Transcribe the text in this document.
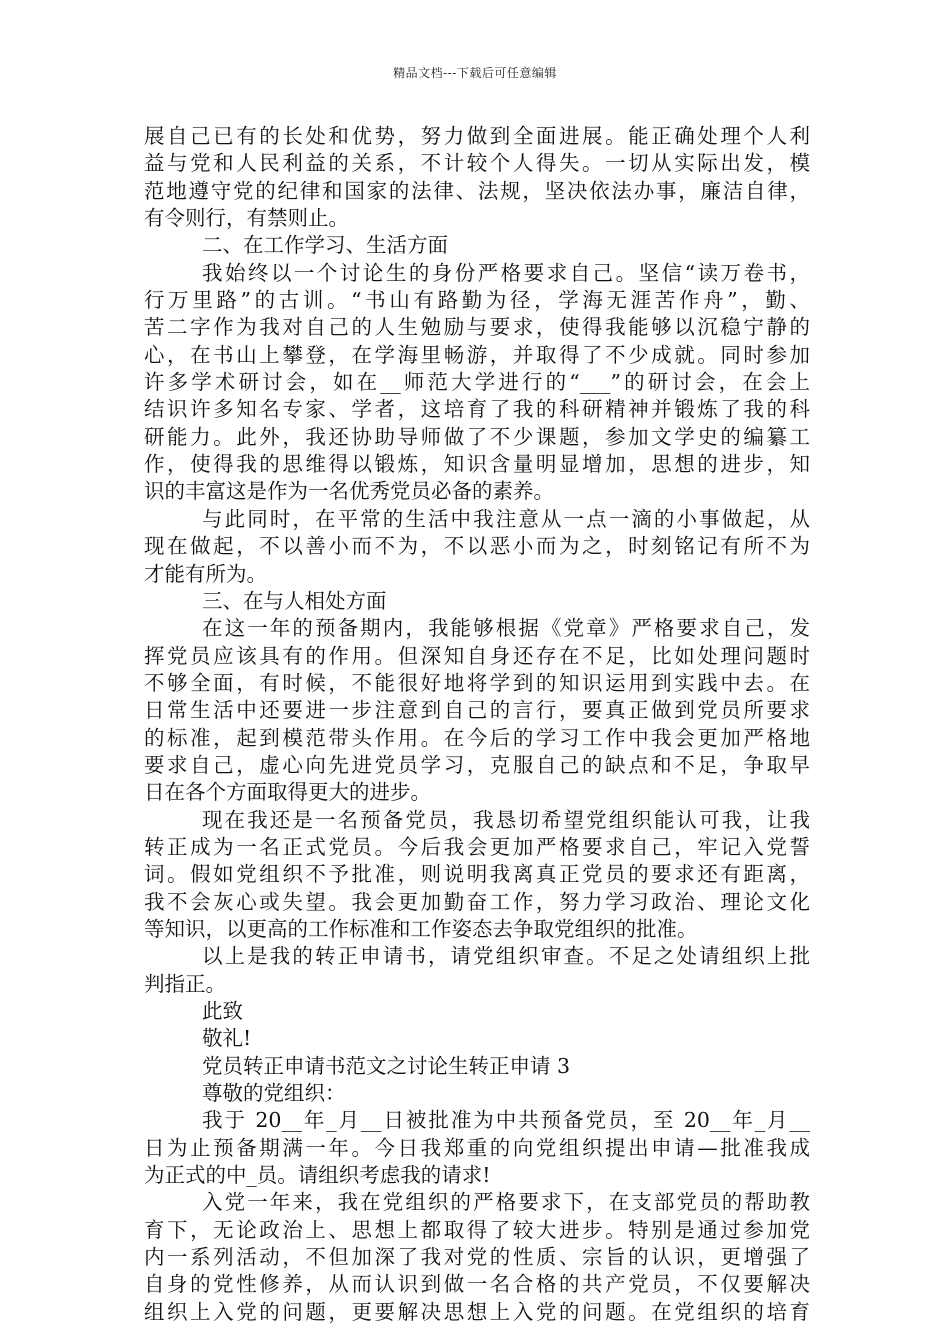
精品文档---下载后可任意编辑
展自己已有的长处和优势，努力做到全面进展。能正确处理个人利
益与党和人民利益的关系，不计较个人得失。一切从实际出发，模
范地遵守党的纪律和国家的法律、法规，坚决依法办事，廉洁自律，
有令则行，有禁则止。
二、在工作学习、生活方面
我始终以一个讨论生的身份严格要求自己。坚信“读万卷书，
行万里路”的古训。“书山有路勤为径，学海无涯苦作舟”，勤、
苦二字作为我对自己的人生勉励与要求，使得我能够以沉稳宁静的
心，在书山上攀登，在学海里畅游，并取得了不少成就。同时参加
许多学术研讨会，如在__师范大学进行的“___”的研讨会，在会上
结识许多知名专家、学者，这培育了我的科研精神并锻炼了我的科
研能力。此外，我还协助导师做了不少课题，参加文学史的编纂工
作，使得我的思维得以锻炼，知识含量明显增加，思想的进步，知
识的丰富这是作为一名优秀党员必备的素养。
与此同时，在平常的生活中我注意从一点一滴的小事做起，从
现在做起，不以善小而不为，不以恶小而为之，时刻铭记有所不为
才能有所为。
三、在与人相处方面
在这一年的预备期内，我能够根据《党章》严格要求自己，发
挥党员应该具有的作用。但深知自身还存在不足，比如处理问题时
不够全面，有时候，不能很好地将学到的知识运用到实践中去。在
日常生活中还要进一步注意到自己的言行，要真正做到党员所要求
的标准，起到模范带头作用。在今后的学习工作中我会更加严格地
要求自己，虚心向先进党员学习，克服自己的缺点和不足，争取早
日在各个方面取得更大的进步。
现在我还是一名预备党员，我恳切希望党组织能认可我，让我
转正成为一名正式党员。今后我会更加严格要求自己，牢记入党誓
词。假如党组织不予批准，则说明我离真正党员的要求还有距离，
我不会灰心或失望。我会更加勤奋工作，努力学习政治、理论文化
等知识，以更高的工作标准和工作姿态去争取党组织的批准。
以上是我的转正申请书，请党组织审查。不足之处请组织上批
判指正。
此致
敬礼!
党员转正申请书范文之讨论生转正申请 3
尊敬的党组织：
我于 20__年_月__日被批准为中共预备党员，至 20__年_月__
日为止预备期满一年。今日我郑重的向党组织提出申请—批准我成
为正式的中_员。请组织考虑我的请求!
入党一年来，我在党组织的严格要求下，在支部党员的帮助教
育下，无论政治上、思想上都取得了较大进步。特别是通过参加党
内一系列活动，不但加深了我对党的性质、宗旨的认识，更增强了
自身的党性修养，从而认识到做一名合格的共产党员，不仅要解决
组织上入党的问题，更要解决思想上入党的问题。在党组织的培育
